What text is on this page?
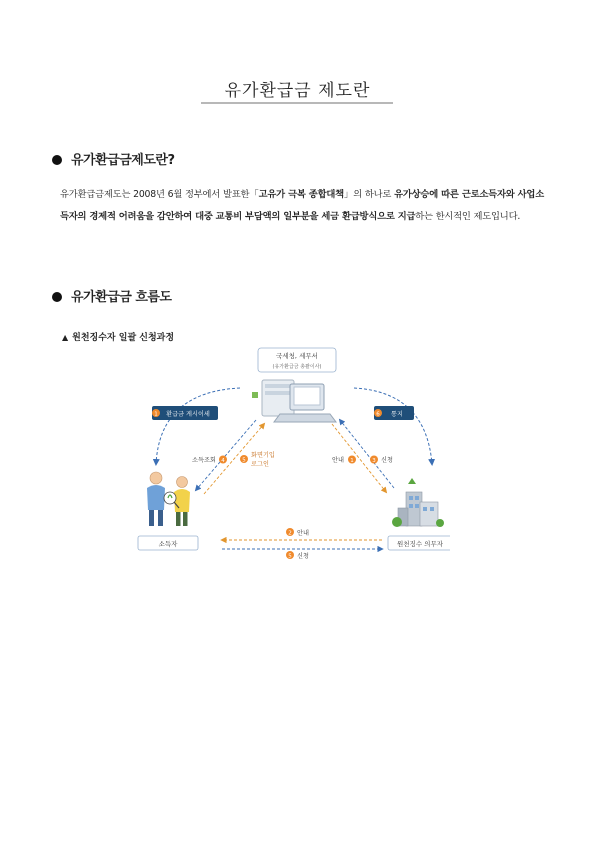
유가환급금 제도란
유가환급금제도란?
유가환급금제도는 2008년 6월 정부에서 발표한「고유가 극복 종합대책」의 하나로 유가상승에 따른 근로소득자와 사업소득자의 경제적 어려움을 감안하여 대중 교통비 부담액의 일부분을 세금 환급방식으로 지급하는 한시적인 제도입니다.
유가환급금 흐름도
▲ 원천징수자 일괄 신청과정
국세청, 세무서
(유가환급금 총괄이사)
1 환급금 게시이세	6 통지
소득조회 4	5
화면기입
로그인
안내 1	3 신청
소득자	원천징수 의무자
2 안내
5 신청
